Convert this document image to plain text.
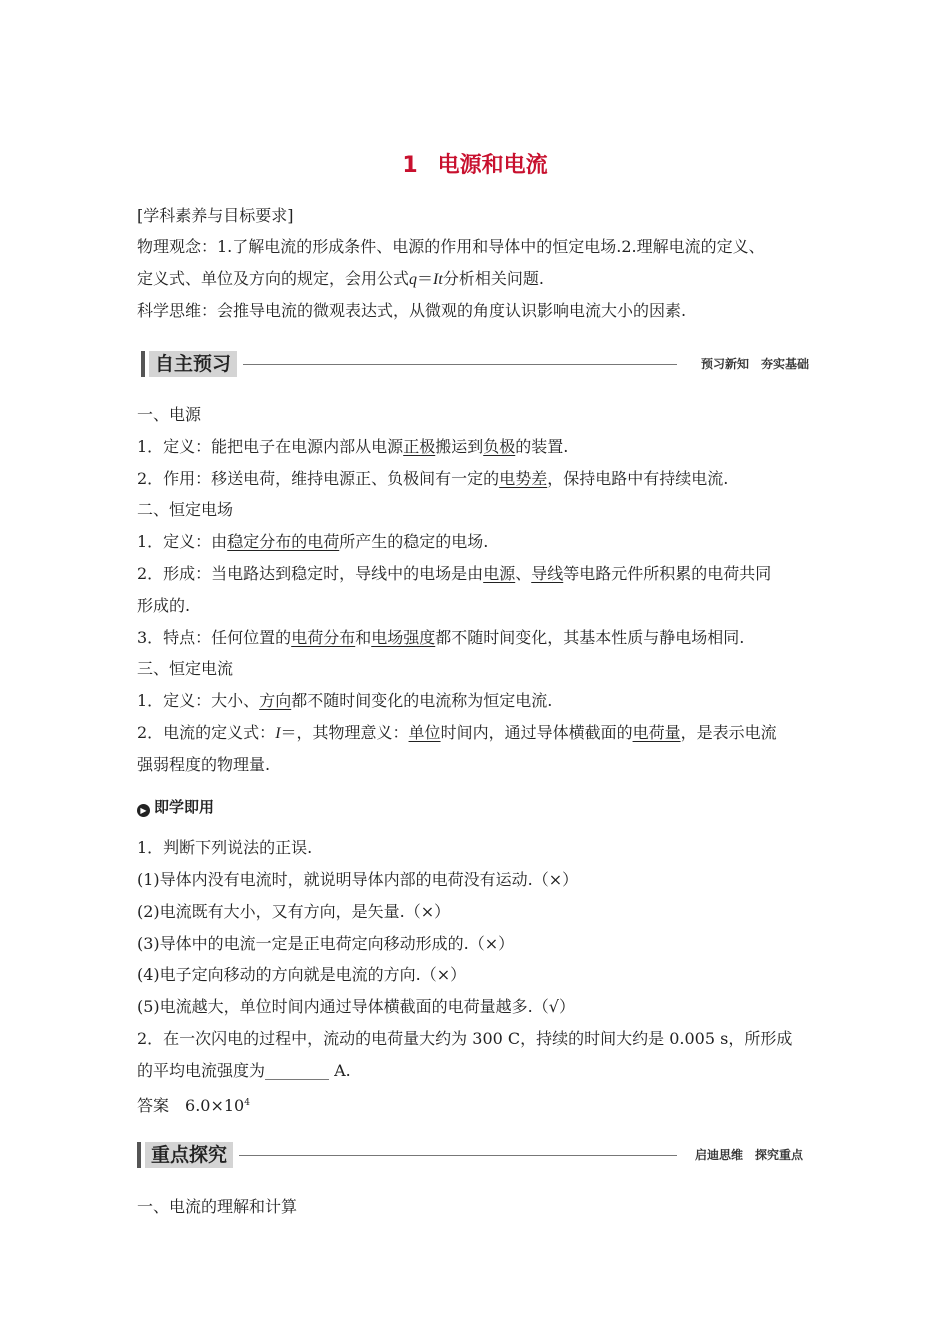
1 电源和电流
[学科素养与目标要求]
物理观念：1.了解电流的形成条件、电源的作用和导体中的恒定电场.2.理解电流的定义、
定义式、单位及方向的规定，会用公式q＝It分析相关问题.
科学思维：会推导电流的微观表达式，从微观的角度认识影响电流大小的因素.
自主预习	预习新知　夯实基础
一、电源
1．定义：能把电子在电源内部从电源正极搬运到负极的装置.
2．作用：移送电荷，维持电源正、负极间有一定的电势差，保持电路中有持续电流.
二、恒定电场
1．定义：由稳定分布的电荷所产生的稳定的电场.
2．形成：当电路达到稳定时，导线中的电场是由电源、导线等电路元件所积累的电荷共同
形成的.
3．特点：任何位置的电荷分布和电场强度都不随时间变化，其基本性质与静电场相同.
三、恒定电流
1．定义：大小、方向都不随时间变化的电流称为恒定电流.
2．电流的定义式：I＝，其物理意义：单位时间内，通过导体横截面的电荷量，是表示电流
强弱程度的物理量.
▶ 即学即用
1．判断下列说法的正误.
(1)导体内没有电流时，就说明导体内部的电荷没有运动.（×）
(2)电流既有大小，又有方向，是矢量.（×）
(3)导体中的电流一定是正电荷定向移动形成的.（×）
(4)电子定向移动的方向就是电流的方向.（×）
(5)电流越大，单位时间内通过导体横截面的电荷量越多.（√）
2．在一次闪电的过程中，流动的电荷量大约为 300 C，持续的时间大约是 0.005 s，所形成
的平均电流强度为________ A.
答案 $6.0\times 10^4$
重点探究	启迪思维　探究重点
一、电流的理解和计算
